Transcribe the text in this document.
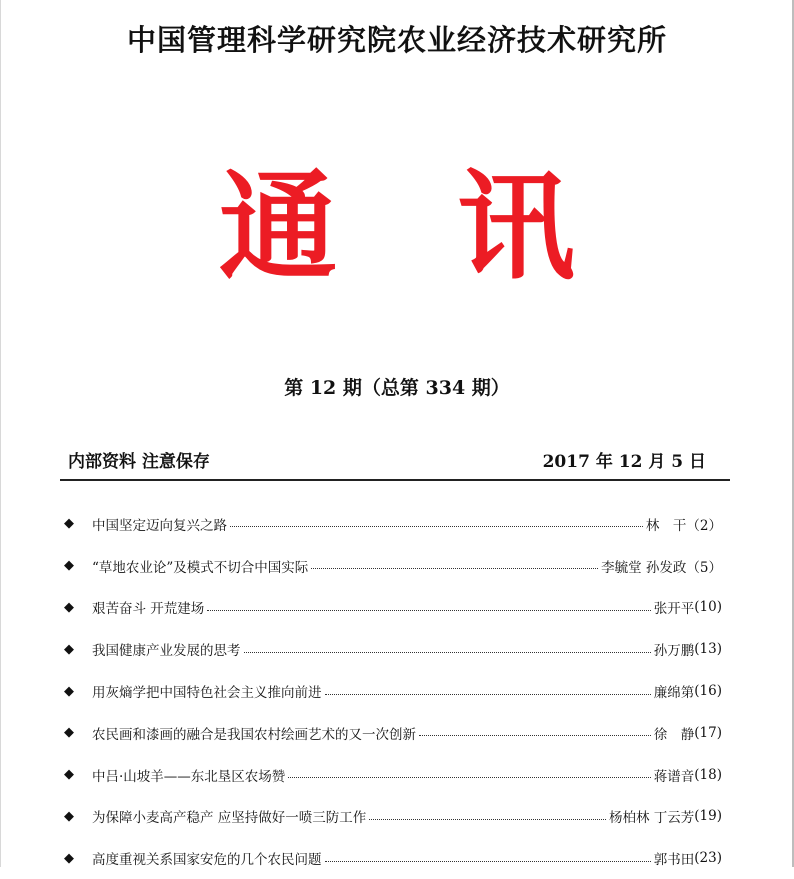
中国管理科学研究院农业经济技术研究所
通讯
第 12 期（总第 334 期）
内部资料 注意保存	2017 年 12 月 5 日
◆	中国坚定迈向复兴之路	林　干 （2）
◆	“草地农业论”及模式不切合中国实际	李毓堂 孙发政 （5）
◆	艰苦奋斗 开荒建场	张开平 (10)
◆	我国健康产业发展的思考	孙万鹏 (13)
◆	用灰熵学把中国特色社会主义推向前进	廉绵第 (16)
◆	农民画和漆画的融合是我国农村绘画艺术的又一次创新	徐　静 (17)
◆	中吕·山坡羊——东北垦区农场赞	蒋谱音 (18)
◆	为保障小麦高产稳产 应坚持做好一喷三防工作	杨柏林 丁云芳 (19)
◆	高度重视关系国家安危的几个农民问题	郭书田 (23)
